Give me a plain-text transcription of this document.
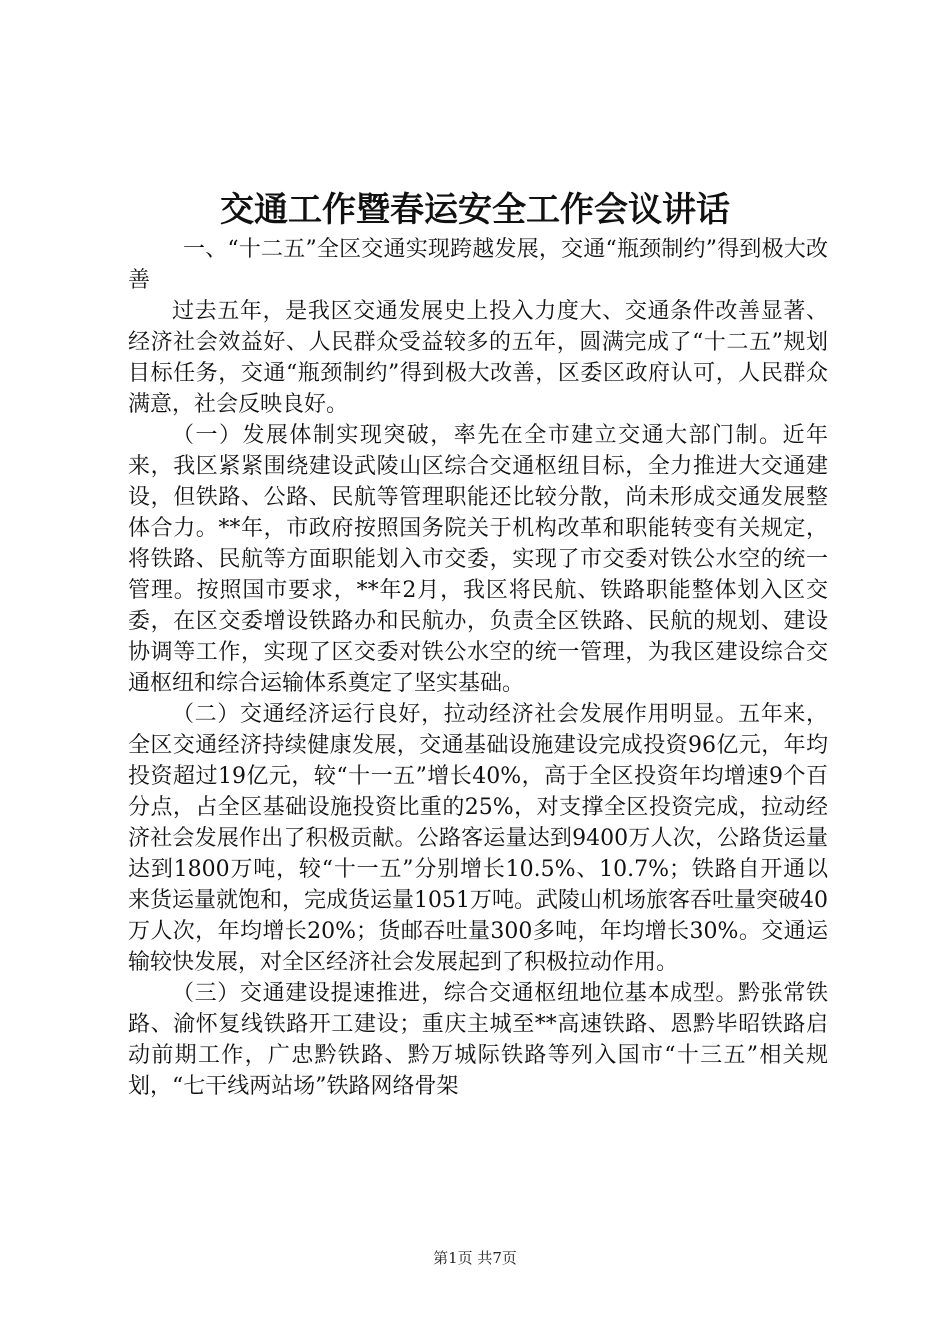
交通工作暨春运安全工作会议讲话

一、“十二五”全区交通实现跨越发展，交通“瓶颈制约”得到极大改善

过去五年，是我区交通发展史上投入力度大、交通条件改善显著、经济社会效益好、人民群众受益较多的五年，圆满完成了“十二五”规划目标任务，交通“瓶颈制约”得到极大改善，区委区政府认可，人民群众满意，社会反映良好。

（一）发展体制实现突破，率先在全市建立交通大部门制。近年来，我区紧紧围绕建设武陵山区综合交通枢纽目标，全力推进大交通建设，但铁路、公路、民航等管理职能还比较分散，尚未形成交通发展整体合力。**年，市政府按照国务院关于机构改革和职能转变有关规定，将铁路、民航等方面职能划入市交委，实现了市交委对铁公水空的统一管理。按照国市要求，**年2月，我区将民航、铁路职能整体划入区交委，在区交委增设铁路办和民航办，负责全区铁路、民航的规划、建设协调等工作，实现了区交委对铁公水空的统一管理，为我区建设综合交通枢纽和综合运输体系奠定了坚实基础。

（二）交通经济运行良好，拉动经济社会发展作用明显。五年来，全区交通经济持续健康发展，交通基础设施建设完成投资96亿元，年均投资超过19亿元，较“十一五”增长40%，高于全区投资年均增速9个百分点，占全区基础设施投资比重的25%，对支撑全区投资完成，拉动经济社会发展作出了积极贡献。公路客运量达到9400万人次，公路货运量达到1800万吨，较“十一五”分别增长10.5%、10.7%；铁路自开通以来货运量就饱和，完成货运量1051万吨。武陵山机场旅客吞吐量突破40万人次，年均增长20%；货邮吞吐量300多吨，年均增长30%。交通运输较快发展，对全区经济社会发展起到了积极拉动作用。

（三）交通建设提速推进，综合交通枢纽地位基本成型。黔张常铁路、渝怀复线铁路开工建设；重庆主城至**高速铁路、恩黔毕昭铁路启动前期工作，广忠黔铁路、黔万城际铁路等列入国市“十三五”相关规划，“七干线两站场”铁路网络骨架

第1页 共7页
